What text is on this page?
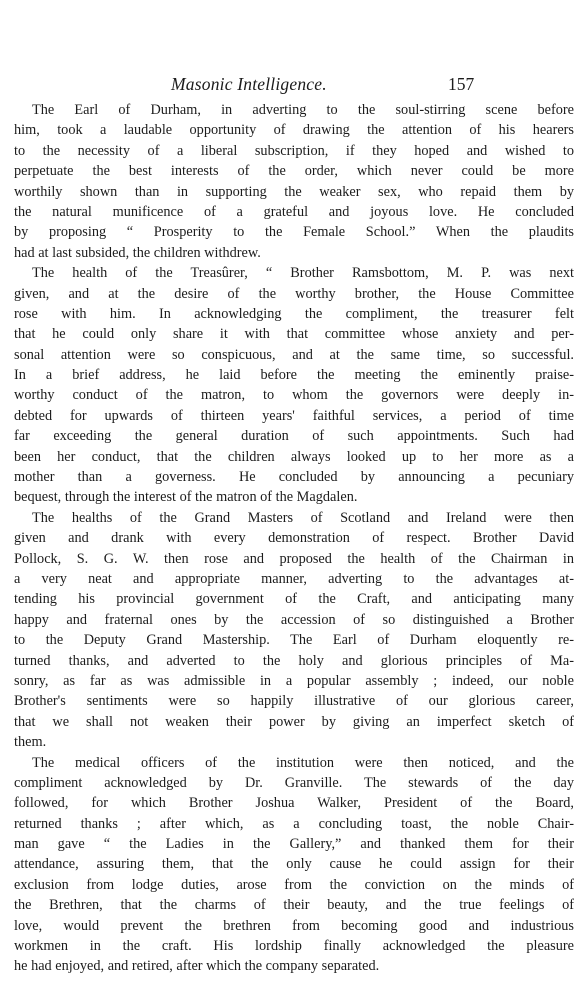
Masonic Intelligence.	157
The Earl of Durham, in adverting to the soul-stirring scene before
him, took a laudable opportunity of drawing the attention of his hearers
to the necessity of a liberal subscription, if they hoped and wished to
perpetuate the best interests of the order, which never could be more
worthily shown than in supporting the weaker sex, who repaid them by
the natural munificence of a grateful and joyous love. He concluded
by proposing “ Prosperity to the Female School.” When the plaudits
had at last subsided, the children withdrew.
The health of the Treasûrer, “ Brother Ramsbottom, M. P. was next
given, and at the desire of the worthy brother, the House Committee
rose with him. In acknowledging the compliment, the treasurer felt
that he could only share it with that committee whose anxiety and per-
sonal attention were so conspicuous, and at the same time, so successful.
In a brief address, he laid before the meeting the eminently praise-
worthy conduct of the matron, to whom the governors were deeply in-
debted for upwards of thirteen years' faithful services, a period of time
far exceeding the general duration of such appointments. Such had
been her conduct, that the children always looked up to her more as a
mother than a governess. He concluded by announcing a pecuniary
bequest, through the interest of the matron of the Magdalen.
The healths of the Grand Masters of Scotland and Ireland were then
given and drank with every demonstration of respect. Brother David
Pollock, S. G. W. then rose and proposed the health of the Chairman in
a very neat and appropriate manner, adverting to the advantages at-
tending his provincial government of the Craft, and anticipating many
happy and fraternal ones by the accession of so distinguished a Brother
to the Deputy Grand Mastership. The Earl of Durham eloquently re-
turned thanks, and adverted to the holy and glorious principles of Ma-
sonry, as far as was admissible in a popular assembly ; indeed, our noble
Brother's sentiments were so happily illustrative of our glorious career,
that we shall not weaken their power by giving an imperfect sketch of
them.
The medical officers of the institution were then noticed, and the
compliment acknowledged by Dr. Granville. The stewards of the day
followed, for which Brother Joshua Walker, President of the Board,
returned thanks ; after which, as a concluding toast, the noble Chair-
man gave “ the Ladies in the Gallery,” and thanked them for their
attendance, assuring them, that the only cause he could assign for their
exclusion from lodge duties, arose from the conviction on the minds of
the Brethren, that the charms of their beauty, and the true feelings of
love, would prevent the brethren from becoming good and industrious
workmen in the craft. His lordship finally acknowledged the pleasure
he had enjoyed, and retired, after which the company separated.
